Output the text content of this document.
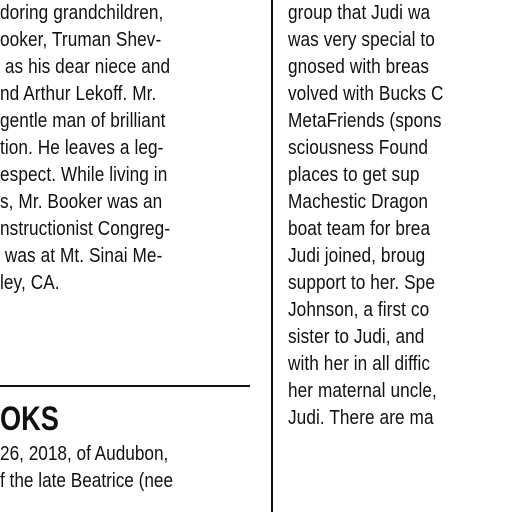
doring grandchildren,
ooker, Truman Shev-
as his dear niece and
nd Arthur Lekoff. Mr.
gentle man of brilliant
tion. He leaves a leg-
espect. While living in
s, Mr. Booker was an
nstructionist Congreg-
was at Mt. Sinai Me-
ley, CA.
OKS
26, 2018, of Audubon,
f the late Beatrice (nee
group that Judi wa
was very special to
gnosed with breas
volved with Bucks C
MetaFriends (spons
sciousness Found
places to get sup
Machestic Dragon
boat team for brea
Judi joined, broug
support to her. Spe
Johnson, a first co
sister to Judi, and
with her in all diffic
her maternal uncle,
Judi. There are ma
